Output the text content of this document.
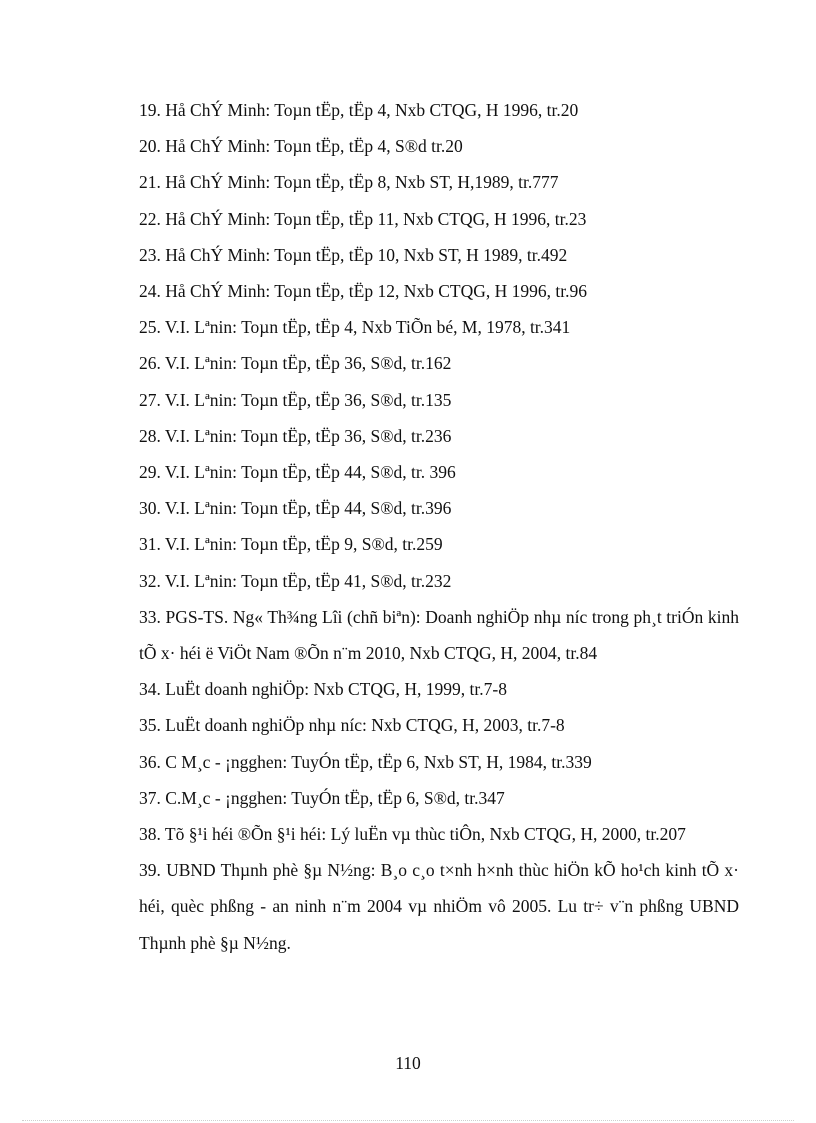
19. Hå ChÝ Minh: Toµn tËp, tËp 4, Nxb CTQG, H 1996, tr.20
20. Hå ChÝ Minh: Toµn tËp, tËp 4, S®d tr.20
21. Hå ChÝ Minh: Toµn tËp, tËp 8, Nxb ST, H,1989, tr.777
22. Hå ChÝ Minh: Toµn tËp, tËp 11, Nxb CTQG, H 1996, tr.23
23. Hå ChÝ Minh: Toµn tËp, tËp 10, Nxb ST, H 1989, tr.492
24. Hå ChÝ Minh: Toµn tËp, tËp 12, Nxb CTQG, H 1996, tr.96
25. V.I. Lªnin: Toµn tËp, tËp 4, Nxb TiÕn bé, M, 1978, tr.341
26. V.I. Lªnin: Toµn tËp, tËp 36, S®d, tr.162
27. V.I. Lªnin: Toµn tËp, tËp 36, S®d, tr.135
28. V.I. Lªnin: Toµn tËp, tËp 36, S®d, tr.236
29. V.I. Lªnin: Toµn tËp, tËp 44, S®d, tr. 396
30. V.I. Lªnin: Toµn tËp, tËp 44, S®d, tr.396
31. V.I. Lªnin: Toµn tËp, tËp 9, S®d, tr.259
32. V.I. Lªnin: Toµn tËp, tËp 41, S®d, tr.232
33. PGS-TS. Ng« Th¾ng Lîi (chñ biªn): Doanh nghiÖp nhµ níc trong ph¸t triÓn kinh tÕ x· héi ë ViÖt Nam ®Õn n¨m 2010, Nxb CTQG, H, 2004, tr.84
34. LuËt doanh nghiÖp: Nxb CTQG, H, 1999, tr.7-8
35. LuËt doanh nghiÖp nhµ níc: Nxb CTQG, H, 2003, tr.7-8
36. C M¸c - ¡ngghen: TuyÓn tËp, tËp 6, Nxb ST, H, 1984, tr.339
37. C.M¸c - ¡ngghen: TuyÓn tËp, tËp 6, S®d, tr.347
38. Tõ §¹i héi ®Õn §¹i héi: Lý luËn vµ thùc tiÔn, Nxb CTQG, H, 2000, tr.207
39. UBND Thµnh phè §µ N½ng: B¸o c¸o t×nh h×nh thùc hiÖn kÕ ho¹ch kinh tÕ x· héi, quèc phßng - an ninh n¨m 2004 vµ nhiÖm vô 2005. Lu tr÷ v¨n phßng UBND Thµnh phè §µ N½ng.
110
